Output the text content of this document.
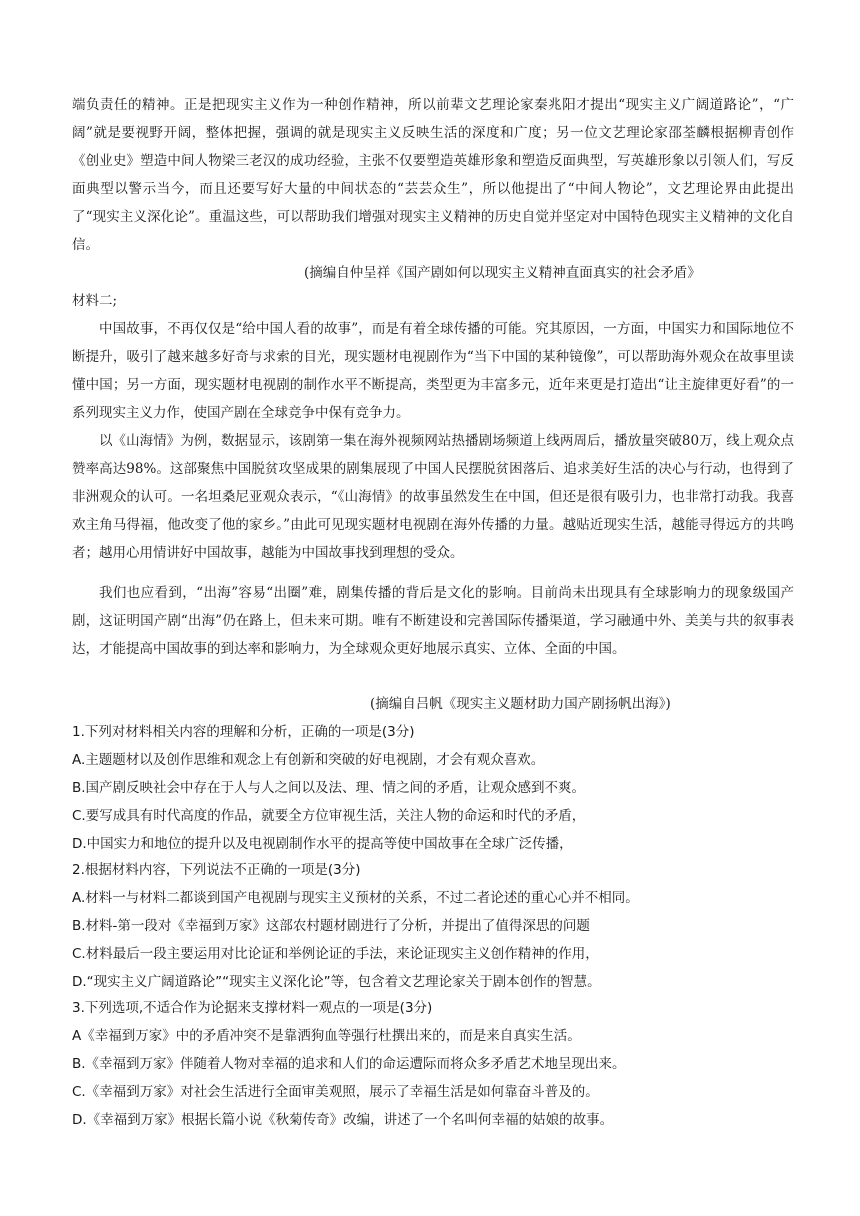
端负责任的精神。正是把现实主义作为一种创作精神，所以前辈文艺理论家秦兆阳才提出“现实主义广阔道路论”，“广阔”就是要视野开阔，整体把握，强调的就是现实主义反映生活的深度和广度；另一位文艺理论家邵荃麟根据柳青创作《创业史》塑造中间人物梁三老汉的成功经验，主张不仅要塑造英雄形象和塑造反面典型，写英雄形象以引领人们，写反面典型以警示当今，而且还要写好大量的中间状态的“芸芸众生”，所以他提出了“中间人物论”，文艺理论界由此提出了“现实主义深化论”。重温这些，可以帮助我们增强对现实主义精神的历史自觉并坚定对中国特色现实主义精神的文化自信。

(摘编自仲呈祥《国产剧如何以现实主义精神直面真实的社会矛盾》

材料二;

中国故事，不再仅仅是“给中国人看的故事”，而是有着全球传播的可能。究其原因，一方面，中国实力和国际地位不断提升，吸引了越来越多好奇与求索的目光，现实题材电视剧作为“当下中国的某种镜像”，可以帮助海外观众在故事里读懂中国；另一方面，现实题材电视剧的制作水平不断提高，类型更为丰富多元，近年来更是打造出“让主旋律更好看”的一系列现实主义力作，使国产剧在全球竞争中保有竞争力。

以《山海情》为例，数据显示，该剧第一集在海外视频网站热播剧场频道上线两周后，播放量突破80万，线上观众点赞率高达98%。这部聚焦中国脱贫攻坚成果的剧集展现了中国人民摆脱贫困落后、追求美好生活的决心与行动，也得到了非洲观众的认可。一名坦桑尼亚观众表示，“《山海情》的故事虽然发生在中国，但还是很有吸引力，也非常打动我。我喜欢主角马得福，他改变了他的家乡。”由此可见现实题材电视剧在海外传播的力量。越贴近现实生活，越能寻得远方的共鸣者；越用心用情讲好中国故事，越能为中国故事找到理想的受众。

我们也应看到，“出海”容易“出圈”难，剧集传播的背后是文化的影响。目前尚未出现具有全球影响力的现象级国产剧，这证明国产剧“出海”仍在路上，但未来可期。唯有不断建设和完善国际传播渠道，学习融通中外、美美与共的叙事表达，才能提高中国故事的到达率和影响力，为全球观众更好地展示真实、立体、全面的中国。

(摘编自吕帆《现实主义题材助力国产剧扬帆出海》)

1.下列对材料相关内容的理解和分析，正确的一项是(3分)

A.主题题材以及创作思维和观念上有创新和突破的好电视剧，才会有观众喜欢。

B.国产剧反映社会中存在于人与人之间以及法、理、情之间的矛盾，让观众感到不爽。

C.要写成具有时代高度的作品，就要全方位审视生活，关注人物的命运和时代的矛盾，

D.中国实力和地位的提升以及电视剧制作水平的提高等使中国故事在全球广泛传播，

2.根据材料内容，下列说法不正确的一项是(3分)

A.材料一与材料二都谈到国产电视剧与现实主义预材的关系，不过二者论述的重心心并不相同。

B.材料-第一段对《幸福到万家》这部农村题材剧进行了分析，并提出了值得深思的问题

C.材料最后一段主要运用对比论证和举例论证的手法，来论证现实主义创作精神的作用，

D.“现实主义广阔道路论”“现实主义深化论”等，包含着文艺理论家关于剧本创作的智慧。

3.下列选项,不适合作为论据来支撑材料一观点的一项是(3分)

A《幸福到万家》中的矛盾冲突不是靠洒狗血等强行杜撰出来的，而是来自真实生活。

B.《幸福到万家》伴随着人物对幸福的追求和人们的命运遭际而将众多矛盾艺术地呈现出来。

C.《幸福到万家》对社会生活进行全面审美观照，展示了幸福生活是如何靠奋斗普及的。

D.《幸福到万家》根据长篇小说《秋菊传奇》改编，讲述了一个名叫何幸福的姑娘的故事。
